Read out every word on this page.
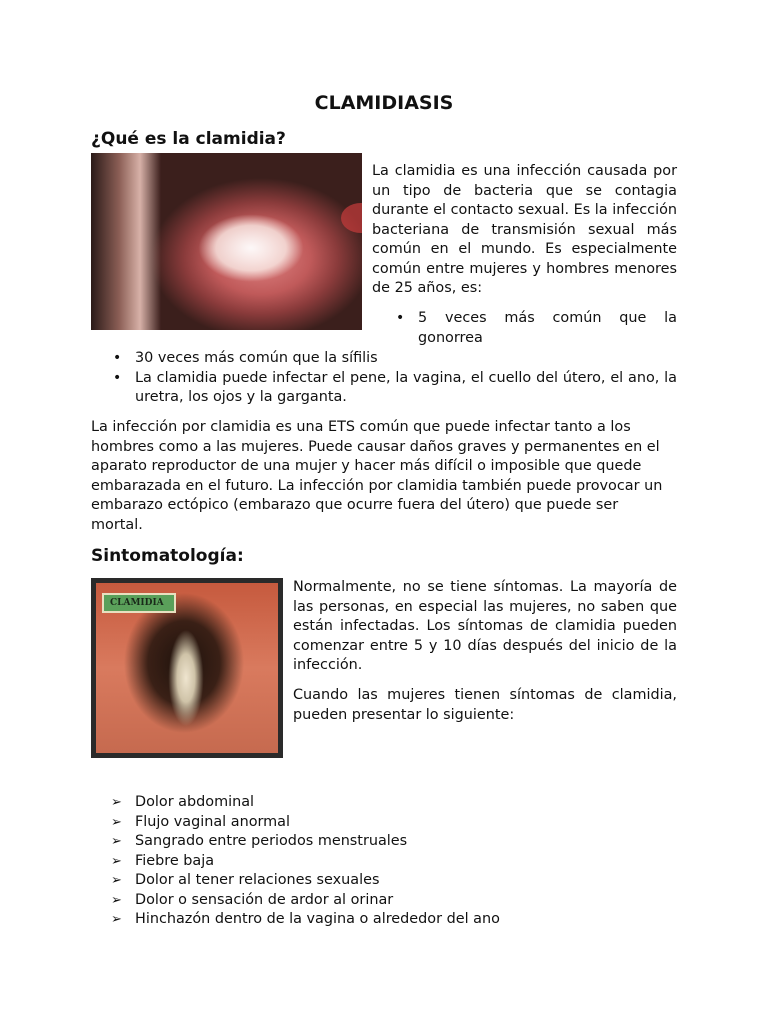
CLAMIDIASIS
¿Qué es la clamidia?

La clamidia es una infección causada por un tipo de bacteria que se contagia durante el contacto sexual. Es la infección bacteriana de transmisión sexual más común en el mundo. Es especialmente común entre mujeres y hombres menores de 25 años, es:

• 5 veces más común que la gonorrea
• 30 veces más común que la sífilis
• La clamidia puede infectar el pene, la vagina, el cuello del útero, el ano, la uretra, los ojos y la garganta.

La infección por clamidia es una ETS común que puede infectar tanto a los hombres como a las mujeres. Puede causar daños graves y permanentes en el aparato reproductor de una mujer y hacer más difícil o imposible que quede embarazada en el futuro. La infección por clamidia también puede provocar un embarazo ectópico (embarazo que ocurre fuera del útero) que puede ser mortal.

Sintomatología:
CLAMIDIA

Normalmente, no se tiene síntomas. La mayoría de las personas, en especial las mujeres, no saben que están infectadas. Los síntomas de clamidia pueden comenzar entre 5 y 10 días después del inicio de la infección.

Cuando las mujeres tienen síntomas de clamidia, pueden presentar lo siguiente:

➢ Dolor abdominal
➢ Flujo vaginal anormal
➢ Sangrado entre periodos menstruales
➢ Fiebre baja
➢ Dolor al tener relaciones sexuales
➢ Dolor o sensación de ardor al orinar
➢ Hinchazón dentro de la vagina o alrededor del ano
